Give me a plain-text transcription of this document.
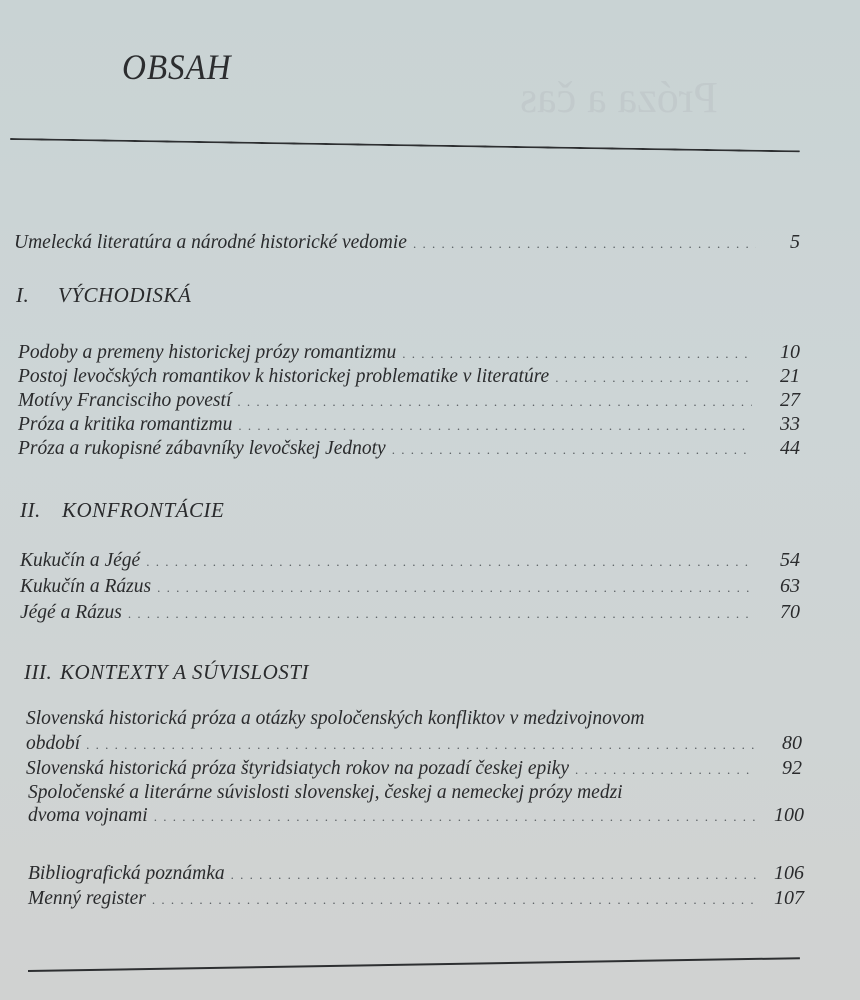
Próza a čas
OBSAH
Umelecká literatúra a národné historické vedomie . . .	5
I. VÝCHODISKÁ
Podoby a premeny historickej prózy romantizmu . . .	10
Postoj levočských romantikov k historickej problematike v literatúre . . .	21
Motívy Francisciho povestí . . .	27
Próza a kritika romantizmu . . .	33
Próza a rukopisné zábavníky levočskej Jednoty . . .	44
II. KONFRONTÁCIE
Kukučín a Jégé . . .	54
Kukučín a Rázus . . .	63
Jégé a Rázus . . .	70
III. KONTEXTY A SÚVISLOSTI
Slovenská historická próza a otázky spoločenských konfliktov v medzivojnovom
období . . .	80
Slovenská historická próza štyridsiatych rokov na pozadí českej epiky . . .	92
Spoločenské a literárne súvislosti slovenskej, českej a nemeckej prózy medzi
dvoma vojnami . . .	100
Bibliografická poznámka . . .	106
Menný register . . .	107
